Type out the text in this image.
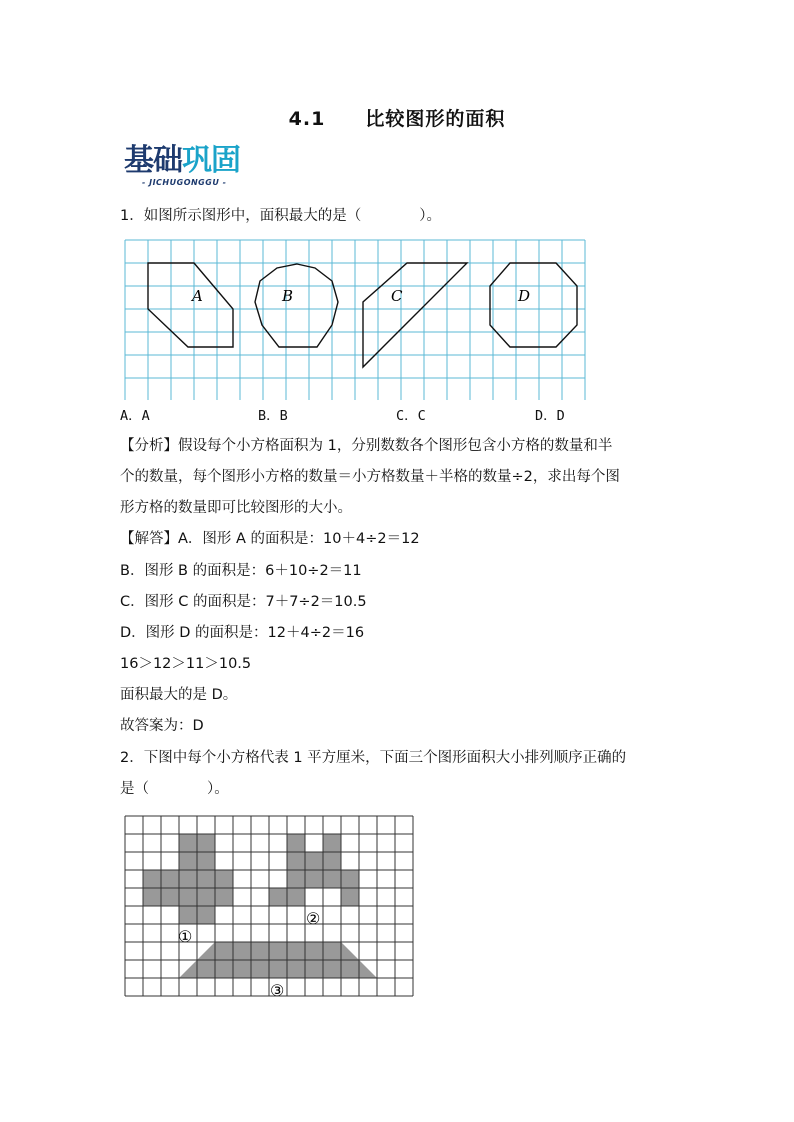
4.1 比较图形的面积
基础巩固
- JICHUGONGGU -
1．如图所示图形中，面积最大的是（　　　　）。
A	B	C	D
A．A	B．B	C．C	D．D
【分析】假设每个小方格面积为 1，分别数数各个图形包含小方格的数量和半
个的数量，每个图形小方格的数量＝小方格数量＋半格的数量÷2，求出每个图
形方格的数量即可比较图形的大小。
【解答】A．图形 A 的面积是：10＋4÷2＝12
B．图形 B 的面积是：6＋10÷2＝11
C．图形 C 的面积是：7＋7÷2＝10.5
D．图形 D 的面积是：12＋4÷2＝16
16＞12＞11＞10.5
面积最大的是 D。
故答案为：D
2．下图中每个小方格代表 1 平方厘米，下面三个图形面积大小排列顺序正确的
是（　　　　）。
①
②
③
